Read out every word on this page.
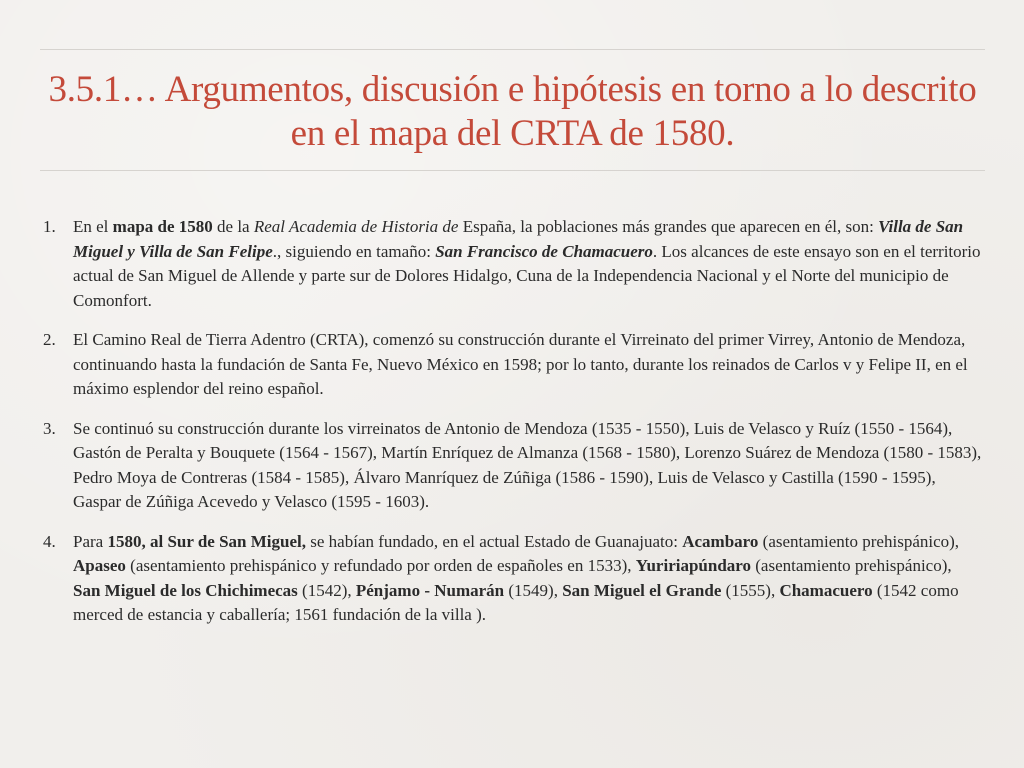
3.5.1… Argumentos, discusión e hipótesis en torno a lo descrito
en el mapa del CRTA de 1580.
1. En el mapa de 1580 de la Real Academia de Historia de España, la poblaciones más grandes que aparecen en él, son: Villa de San Miguel y Villa de San Felipe., siguiendo en tamaño: San Francisco de Chamacuero. Los alcances de este ensayo son en el territorio actual de San Miguel de Allende y parte sur de Dolores Hidalgo, Cuna de la Independencia Nacional y el Norte del municipio de Comonfort.
2. El Camino Real de Tierra Adentro (CRTA), comenzó su construcción durante el Virreinato del primer Virrey, Antonio de Mendoza, continuando hasta la fundación de Santa Fe, Nuevo México en 1598; por lo tanto, durante los reinados de Carlos v y Felipe II, en el máximo esplendor del reino español.
3. Se continuó su construcción durante los virreinatos de Antonio de Mendoza (1535 - 1550), Luis de Velasco y Ruíz (1550 - 1564), Gastón de Peralta y Bouquete (1564 - 1567), Martín Enríquez de Almanza (1568 - 1580), Lorenzo Suárez de Mendoza (1580 - 1583), Pedro Moya de Contreras (1584 - 1585), Álvaro Manríquez de Zúñiga (1586 - 1590), Luis de Velasco y Castilla (1590 - 1595), Gaspar de Zúñiga Acevedo y Velasco (1595 - 1603).
4. Para 1580, al Sur de San Miguel, se habían fundado, en el actual Estado de Guanajuato: Acambaro (asentamiento prehispánico), Apaseo (asentamiento prehispánico y refundado por orden de españoles en 1533), Yuririapúndaro (asentamiento prehispánico), San Miguel de los Chichimecas (1542), Pénjamo - Numarán (1549), San Miguel el Grande (1555), Chamacuero (1542 como merced de estancia y caballería; 1561 fundación de la villa ).
